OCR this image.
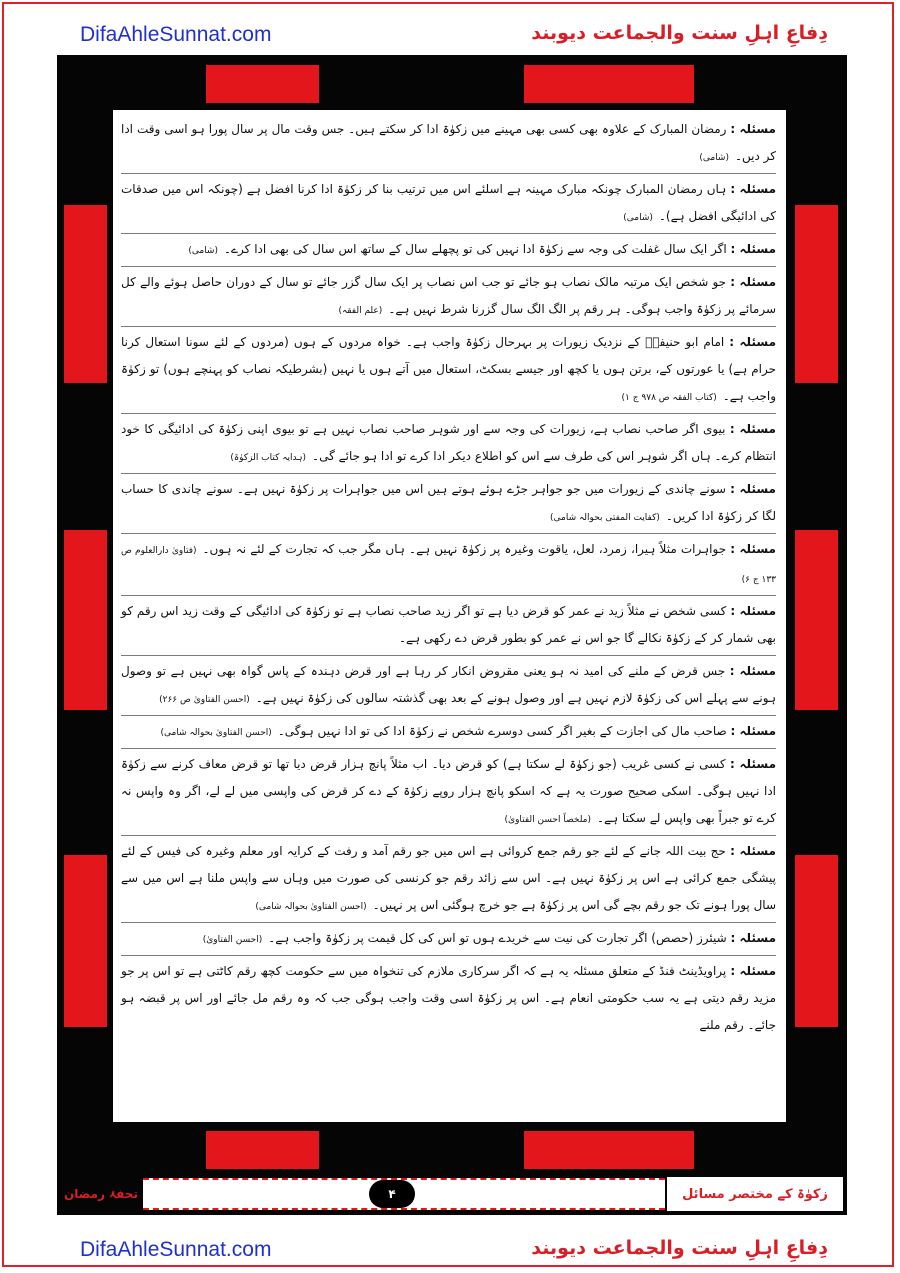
DifaAhleSunnat.com	دِفاعِ اہلِ سنت والجماعت دیوبند

مسئلہ : رمضان المبارک کے علاوہ بھی کسی بھی مہینے میں زکوٰۃ ادا کر سکتے ہیں۔ جس وقت مال پر سال پورا ہو اسی وقت ادا کر دیں۔(شامی)

مسئلہ : ہاں رمضان المبارک چونکہ مبارک مہینہ ہے اسلئے اس میں ترتیب بنا کر زکوٰۃ ادا کرنا افضل ہے (چونکہ اس میں صدقات کی ادائیگی افضل ہے)۔(شامی)

مسئلہ : اگر ایک سال غفلت کی وجہ سے زکوٰۃ ادا نہیں کی تو پچھلے سال کے ساتھ اس سال کی بھی ادا کرے۔(شامی)

مسئلہ : جو شخص ایک مرتبہ مالک نصاب ہو جائے تو جب اس نصاب پر ایک سال گزر جائے تو سال کے دوران حاصل ہوئے والے کل سرمائے پر زکوٰۃ واجب ہوگی۔ ہر رقم پر الگ الگ سال گزرنا شرط نہیں ہے۔(علم الفقہ)

مسئلہ : امام ابو حنیفہؒ کے نزدیک زیورات پر بہرحال زکوٰۃ واجب ہے۔ خواہ مردوں کے ہوں (مردوں کے لئے سونا استعال کرنا حرام ہے) یا عورتوں کے، برتن ہوں یا کچھ اور جیسے بسکٹ، استعال میں آتے ہوں یا نہیں (بشرطیکہ نصاب کو پہنچے ہوں) تو زکوٰۃ واجب ہے۔(کتاب الفقہ ص ۹۷۸ ج ۱)

مسئلہ : بیوی اگر صاحب نصاب ہے، زیورات کی وجہ سے اور شوہر صاحب نصاب نہیں ہے تو بیوی اپنی زکوٰۃ کی ادائیگی کا خود انتظام کرے۔ ہاں اگر شوہر اس کی طرف سے اس کو اطلاع دیکر ادا کرے تو ادا ہو جائے گی۔(ہدایہ کتاب الزکوٰۃ)

مسئلہ : سونے چاندی کے زیورات میں جو جواہر جڑے ہوئے ہوتے ہیں اس میں جواہرات پر زکوٰۃ نہیں ہے۔ سونے چاندی کا حساب لگا کر زکوٰۃ ادا کریں۔(کفایت المفتی بحوالہ شامی)

مسئلہ : جواہرات مثلاً ہیرا، زمرد، لعل، یاقوت وغیرہ پر زکوٰۃ نہیں ہے۔ ہاں مگر جب کہ تجارت کے لئے نہ ہوں۔(فتاویٰ دارالعلوم ص ۱۳۳ ج ۶)

مسئلہ : کسی شخص نے مثلاً زید نے عمر کو قرض دیا ہے تو اگر زید صاحب نصاب ہے تو زکوٰۃ کی ادائیگی کے وقت زید اس رقم کو بھی شمار کر کے زکوٰۃ نکالے گا جو اس نے عمر کو بطور قرض دے رکھی ہے۔

مسئلہ : جس قرض کے ملنے کی امید نہ ہو یعنی مقروض انکار کر رہا ہے اور قرض دہندہ کے پاس گواہ بھی نہیں ہے تو وصول ہونے سے پہلے اس کی زکوٰۃ لازم نہیں ہے اور وصول ہونے کے بعد بھی گذشتہ سالوں کی زکوٰۃ نہیں ہے۔(احسن الفتاویٰ ص ۲۶۶)

مسئلہ : صاحب مال کی اجازت کے بغیر اگر کسی دوسرے شخص نے زکوٰۃ ادا کی تو ادا نہیں ہوگی۔(احسن الفتاویٰ بحوالہ شامی)

مسئلہ : کسی نے کسی غریب (جو زکوٰۃ لے سکتا ہے) کو قرض دیا۔ اب مثلاً پانچ ہزار قرض دیا تھا تو قرض معاف کرنے سے زکوٰۃ ادا نہیں ہوگی۔ اسکی صحیح صورت یہ ہے کہ اسکو پانچ ہزار روپے زکوٰۃ کے دے کر قرض کی واپسی میں لے لے، اگر وہ واپس نہ کرے تو جبراً بھی واپس لے سکتا ہے۔(ملخصاً احسن الفتاویٰ)

مسئلہ : حج بیت اللہ جانے کے لئے جو رقم جمع کروائی ہے اس میں جو رقم آمد و رفت کے کرایہ اور معلم وغیرہ کی فیس کے لئے پیشگی جمع کرائی ہے اس پر زکوٰۃ نہیں ہے۔ اس سے زائد رقم جو کرنسی کی صورت میں وہاں سے واپس ملنا ہے اس میں سے سال پورا ہونے تک جو رقم بچے گی اس پر زکوٰۃ ہے جو خرچ ہوگئی اس پر نہیں۔(احسن الفتاویٰ بحوالہ شامی)

مسئلہ : شیئرز (حصص) اگر تجارت کی نیت سے خریدے ہوں تو اس کی کل قیمت پر زکوٰۃ واجب ہے۔(احسن الفتاویٰ)

مسئلہ : پراویڈینٹ فنڈ کے متعلق مسئلہ یہ ہے کہ اگر سرکاری ملازم کی تنخواہ میں سے حکومت کچھ رقم کاٹتی ہے تو اس پر جو مزید رقم دیتی ہے یہ سب حکومتی انعام ہے۔ اس پر زکوٰۃ اسی وقت واجب ہوگی جب کہ وہ رقم مل جائے اور اس پر قبضہ ہو جائے۔ رقم ملنے

تحفۂ رمضان	۴	زکوٰۃ کے مختصر مسائل
DifaAhleSunnat.com	دِفاعِ اہلِ سنت والجماعت دیوبند
